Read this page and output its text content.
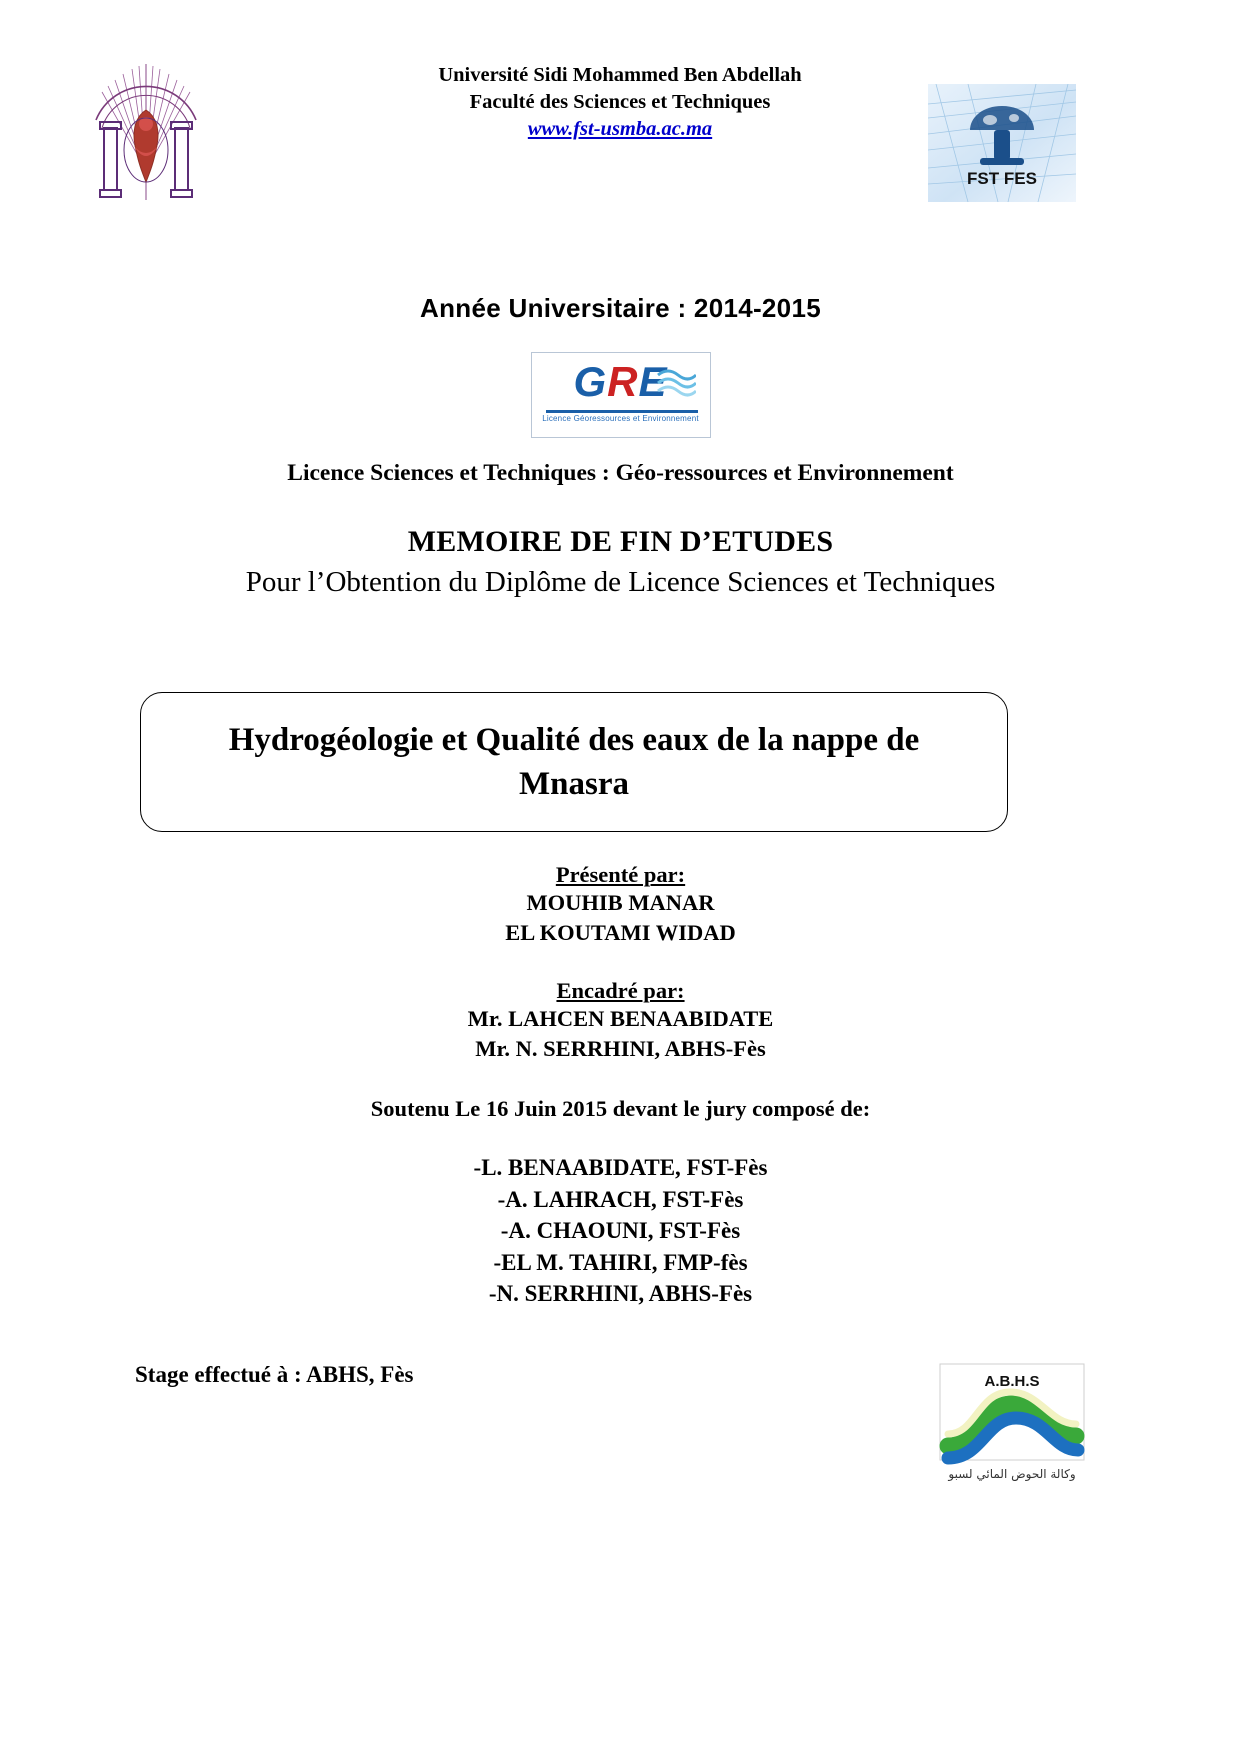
Université Sidi Mohammed Ben Abdellah
Faculté des Sciences et Techniques
www.fst-usmba.ac.ma
FST FES
Année Universitaire : 2014-2015
GRE
Licence Géoressources et Environnement
Licence Sciences et Techniques : Géo-ressources et Environnement
MEMOIRE DE FIN D’ETUDES
Pour l’Obtention du Diplôme de Licence Sciences et Techniques
Hydrogéologie et Qualité des eaux de la nappe de Mnasra
Présenté par:
MOUHIB MANAR
EL KOUTAMI WIDAD
Encadré par:
Mr. LAHCEN BENAABIDATE
Mr. N. SERRHINI, ABHS-Fès
Soutenu Le 16 Juin 2015 devant le jury composé de:
-L. BENAABIDATE, FST-Fès
-A. LAHRACH, FST-Fès
-A. CHAOUNI, FST-Fès
-EL M. TAHIRI, FMP-fès
-N. SERRHINI, ABHS-Fès
Stage effectué à : ABHS, Fès	A.B.H.S
وكالة الحوض المائي لسبو
